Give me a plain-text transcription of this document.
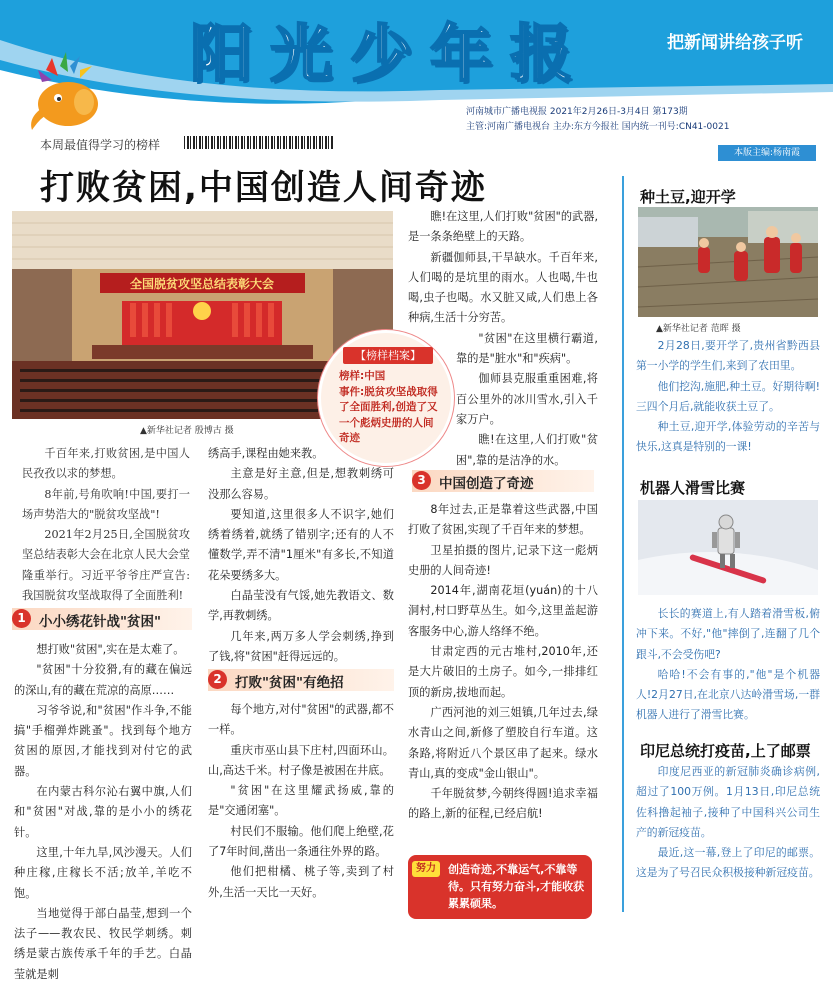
阳光少年报	把新闻讲给孩子听
河南城市广播电视报 2021年2月26日-3月4日 第173期
主管:河南广播电视台 主办:东方今报社 国内统一刊号:CN41-0021
本周最值得学习的榜样
本版主编:杨南霞
打败贫困,中国创造人间奇迹
全国脱贫攻坚总结表彰大会
▲新华社记者 殷博古 摄
【榜样档案】
榜样:中国
事件:脱贫攻坚战取得了全面胜利,创造了又一个彪炳史册的人间奇迹

千百年来,打败贫困,是中国人民孜孜以求的梦想。

8年前,号角吹响!中国,要打一场声势浩大的"脱贫攻坚战"!

2021年2月25日,全国脱贫攻坚总结表彰大会在北京人民大会堂隆重举行。习近平爷爷庄严宣告:我国脱贫攻坚战取得了全面胜利!

1 小小绣花针战"贫困"

想打败"贫困",实在是太难了。

"贫困"十分狡猾,有的藏在偏远的深山,有的藏在荒凉的高原……

习爷爷说,和"贫困"作斗争,不能搞"手榴弹炸跳蚤"。找到每个地方贫困的原因,才能找到对付它的武器。

在内蒙古科尔沁右翼中旗,人们和"贫困"对战,靠的是小小的绣花针。

这里,十年九旱,风沙漫天。人们种庄稼,庄稼长不活;放羊,羊吃不饱。

当地觉得于部白晶莹,想到一个法子——教农民、牧民学刺绣。刺绣是蒙古族传承千年的手艺。白晶莹就是刺

绣高手,课程由她来教。

主意是好主意,但是,想教刺绣可没那么容易。

要知道,这里很多人不识字,她们绣着绣着,就绣了错别字;还有的人不懂数学,弄不清"1厘米"有多长,不知道花朵要绣多大。

白晶莹没有气馁,她先教语文、数学,再教刺绣。

几年来,两万多人学会刺绣,挣到了钱,将"贫困"赶得远远的。

2 打败"贫困"有绝招

每个地方,对付"贫困"的武器,都不一样。

重庆市巫山县下庄村,四面环山。山,高达千米。村子像是被困在井底。

"贫困"在这里耀武扬威,靠的是"交通闭塞"。

村民们不服输。他们爬上绝壁,花了7年时间,凿出一条通往外界的路。

他们把柑橘、桃子等,卖到了村外,生活一天比一天好。

瞧!在这里,人们打败"贫困"的武器,是一条条绝壁上的天路。

新疆伽师县,干旱缺水。千百年来,人们喝的是坑里的雨水。人也喝,牛也喝,虫子也喝。水又脏又咸,人们患上各种病,生活十分穷苦。

"贫困"在这里横行霸道,靠的是"脏水"和"疾病"。

伽师县克服重重困难,将百公里外的冰川雪水,引入千家万户。

瞧!在这里,人们打败"贫困",靠的是洁净的水。

3 中国创造了奇迹

8年过去,正是靠着这些武器,中国打败了贫困,实现了千百年来的梦想。

卫星拍摄的图片,记录下这一彪炳史册的人间奇迹!

2014年,湖南花垣(yuán)的十八洞村,村口野草丛生。如今,这里盖起游客服务中心,游人络绎不绝。

甘肃定西的元古堆村,2010年,还是大片破旧的土房子。如今,一排排红顶的新房,拔地而起。

广西河池的刘三姐镇,几年过去,绿水青山之间,新修了塑胶自行车道。这条路,将附近八个景区串了起来。绿水青山,真的变成"金山银山"。

千年脱贫梦,今朝终得圆!追求幸福的路上,新的征程,已经启航!

努力	创造奇迹,不靠运气,不靠等待。只有努力奋斗,才能收获累累硕果。
种土豆,迎开学
▲新华社记者 范晖 摄

2月28日,要开学了,贵州省黔西县第一小学的学生们,来到了农田里。

他们挖沟,施肥,种土豆。好期待啊!三四个月后,就能收获土豆了。

种土豆,迎开学,体验劳动的辛苦与快乐,这真是特别的一课!

机器人滑雪比赛

长长的赛道上,有人踏着滑雪板,俯冲下来。不好,"他"摔倒了,连翻了几个跟斗,不会受伤吧?

哈哈!不会有事的,"他"是个机器人!2月27日,在北京八达岭滑雪场,一群机器人进行了滑雪比赛。

印尼总统打疫苗,上了邮票

印度尼西亚的新冠肺炎确诊病例,超过了100万例。1月13日,印尼总统佐科撸起袖子,接种了中国科兴公司生产的新冠疫苗。

最近,这一幕,登上了印尼的邮票。这是为了号召民众积极接种新冠疫苗。
